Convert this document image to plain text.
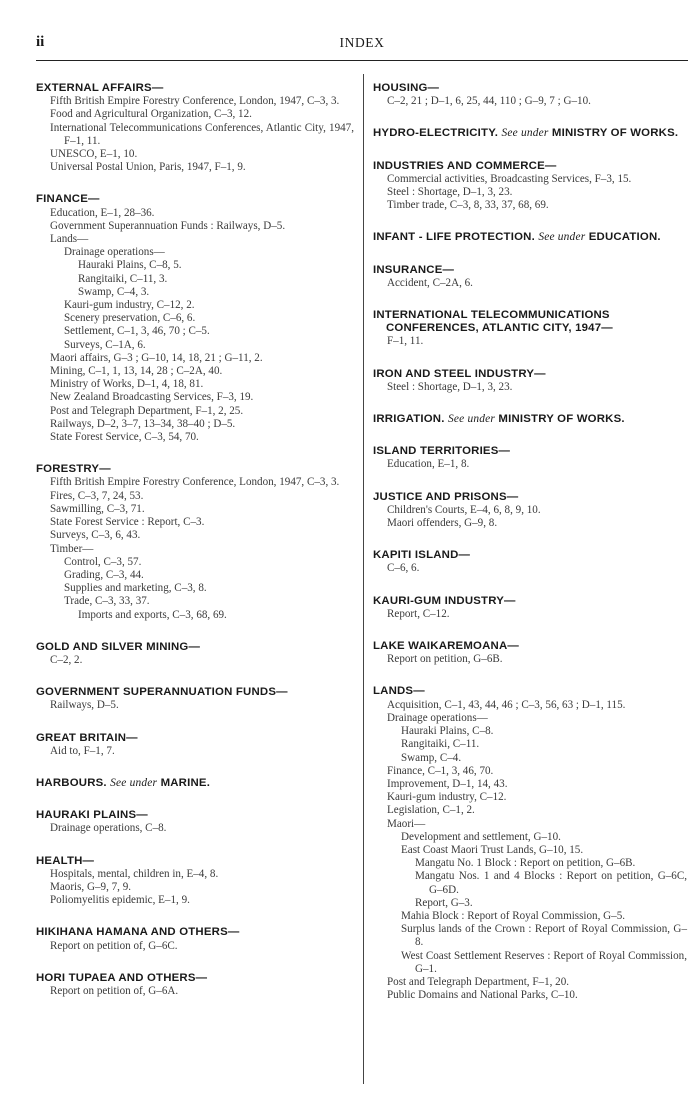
ii	INDEX
EXTERNAL AFFAIRS—
Fifth British Empire Forestry Conference, London, 1947, C–3, 3.
Food and Agricultural Organization, C–3, 12.
International Telecommunications Conferences, Atlantic City, 1947, F–1, 11.
UNESCO, E–1, 10.
Universal Postal Union, Paris, 1947, F–1, 9.
FINANCE—
Education, E–1, 28–36.
Government Superannuation Funds : Railways, D–5.
Lands—
Drainage operations—
Hauraki Plains, C–8, 5.
Rangitaiki, C–11, 3.
Swamp, C–4, 3.
Kauri-gum industry, C–12, 2.
Scenery preservation, C–6, 6.
Settlement, C–1, 3, 46, 70 ; C–5.
Surveys, C–1A, 6.
Maori affairs, G–3 ; G–10, 14, 18, 21 ; G–11, 2.
Mining, C–1, 1, 13, 14, 28 ; C–2A, 40.
Ministry of Works, D–1, 4, 18, 81.
New Zealand Broadcasting Services, F–3, 19.
Post and Telegraph Department, F–1, 2, 25.
Railways, D–2, 3–7, 13–34, 38–40 ; D–5.
State Forest Service, C–3, 54, 70.
FORESTRY—
Fifth British Empire Forestry Conference, London, 1947, C–3, 3.
Fires, C–3, 7, 24, 53.
Sawmilling, C–3, 71.
State Forest Service : Report, C–3.
Surveys, C–3, 6, 43.
Timber—
Control, C–3, 57.
Grading, C–3, 44.
Supplies and marketing, C–3, 8.
Trade, C–3, 33, 37.
Imports and exports, C–3, 68, 69.
GOLD AND SILVER MINING—
C–2, 2.
GOVERNMENT SUPERANNUATION FUNDS—
Railways, D–5.
GREAT BRITAIN—
Aid to, F–1, 7.
HARBOURS. See under MARINE.
HAURAKI PLAINS—
Drainage operations, C–8.
HEALTH—
Hospitals, mental, children in, E–4, 8.
Maoris, G–9, 7, 9.
Poliomyelitis epidemic, E–1, 9.
HIKIHANA HAMANA AND OTHERS—
Report on petition of, G–6C.
HORI TUPAEA AND OTHERS—
Report on petition of, G–6A.
HOUSING—
C–2, 21 ; D–1, 6, 25, 44, 110 ; G–9, 7 ; G–10.
HYDRO-ELECTRICITY. See under MINISTRY OF WORKS.
INDUSTRIES AND COMMERCE—
Commercial activities, Broadcasting Services, F–3, 15.
Steel : Shortage, D–1, 3, 23.
Timber trade, C–3, 8, 33, 37, 68, 69.
INFANT - LIFE PROTECTION. See under EDUCATION.
INSURANCE—
Accident, C–2A, 6.
INTERNATIONAL TELECOMMUNICATIONS CONFERENCES, ATLANTIC CITY, 1947—
F–1, 11.
IRON AND STEEL INDUSTRY—
Steel : Shortage, D–1, 3, 23.
IRRIGATION. See under MINISTRY OF WORKS.
ISLAND TERRITORIES—
Education, E–1, 8.
JUSTICE AND PRISONS—
Children's Courts, E–4, 6, 8, 9, 10.
Maori offenders, G–9, 8.
KAPITI ISLAND—
C–6, 6.
KAURI-GUM INDUSTRY—
Report, C–12.
LAKE WAIKAREMOANA—
Report on petition, G–6B.
LANDS—
Acquisition, C–1, 43, 44, 46 ; C–3, 56, 63 ; D–1, 115.
Drainage operations—
Hauraki Plains, C–8.
Rangitaiki, C–11.
Swamp, C–4.
Finance, C–1, 3, 46, 70.
Improvement, D–1, 14, 43.
Kauri-gum industry, C–12.
Legislation, C–1, 2.
Maori—
Development and settlement, G–10.
East Coast Maori Trust Lands, G–10, 15.
Mangatu No. 1 Block : Report on petition, G–6B.
Mangatu Nos. 1 and 4 Blocks : Report on petition, G–6C, G–6D.
Report, G–3.
Mahia Block : Report of Royal Commission, G–5.
Surplus lands of the Crown : Report of Royal Commission, G–8.
West Coast Settlement Reserves : Report of Royal Commission, G–1.
Post and Telegraph Department, F–1, 20.
Public Domains and National Parks, C–10.
